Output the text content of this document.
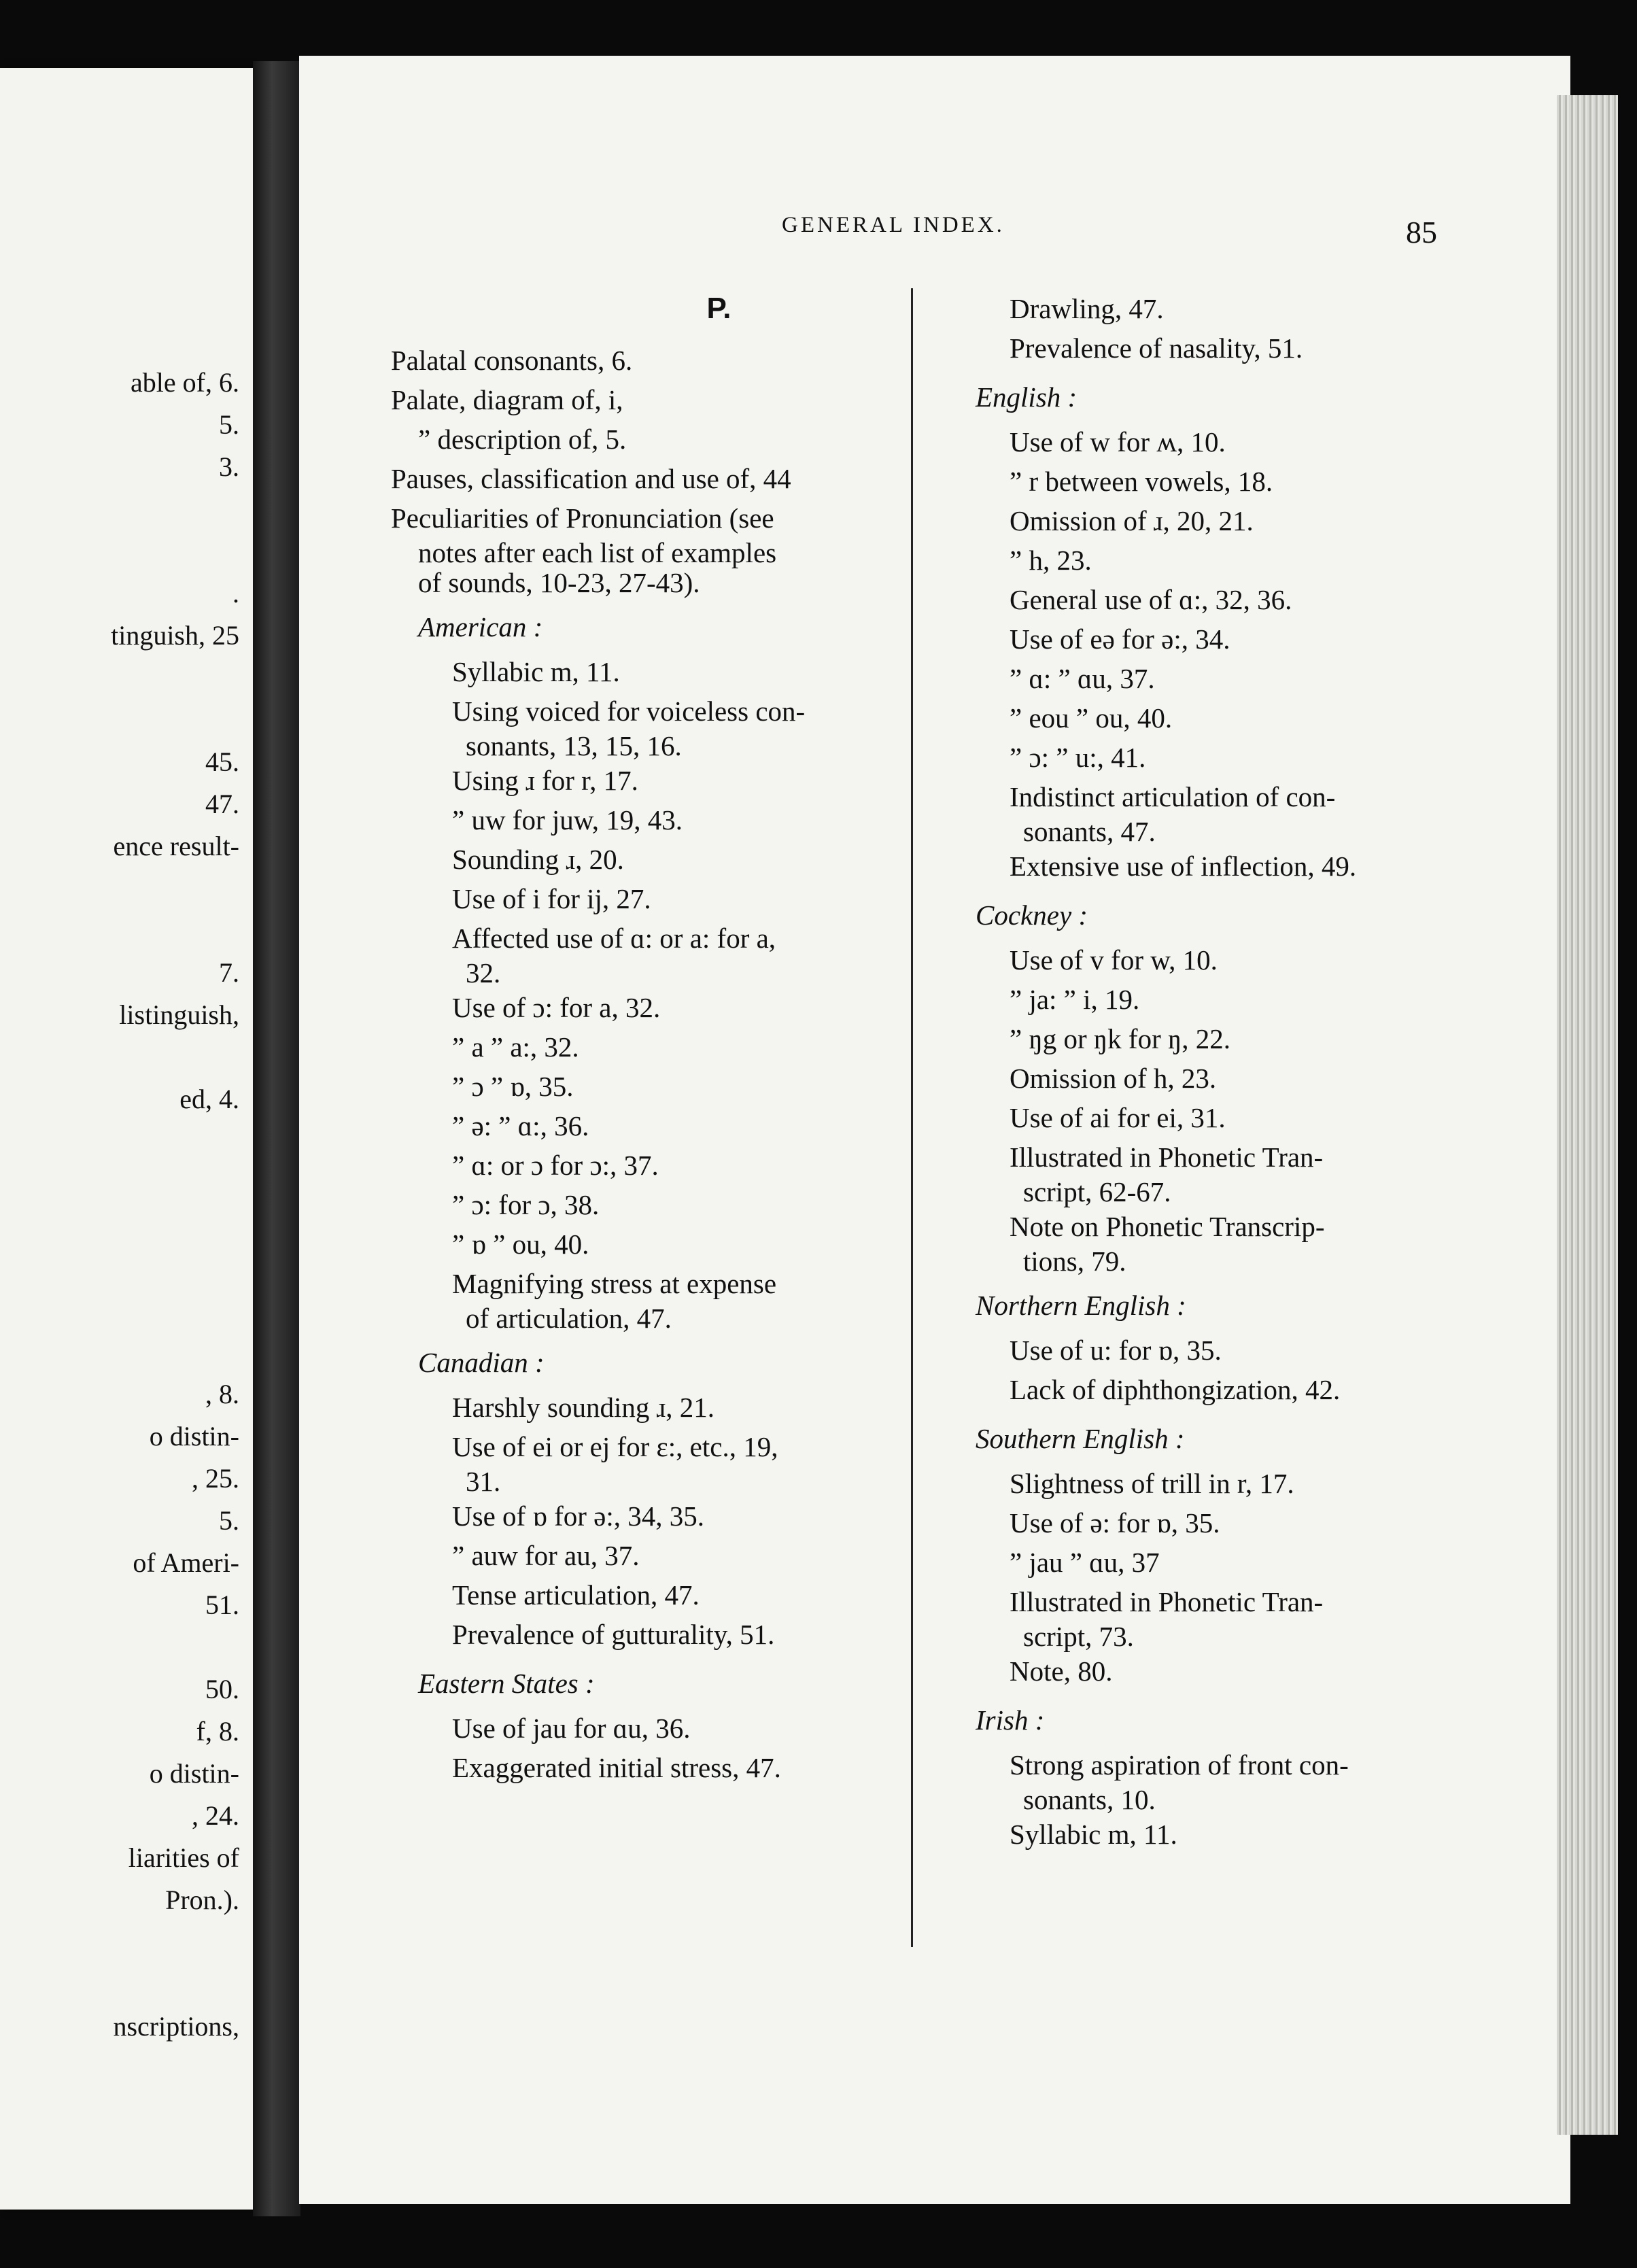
able of, 6.
5.
3.
.
tinguish, 25
45.
47.
ence result-
7.
listinguish,
ed, 4.
, 8.
o distin-
, 25.
5.
of Ameri-
51.
50.
f, 8.
o distin-
, 24.
liarities of
Pron.).
nscriptions,
GENERAL INDEX.	85
P.
Palatal consonants, 6.
Palate, diagram of, i,
” description of, 5.
Pauses, classification and use of, 44
Peculiarities of Pronunciation (see
notes after each list of examples
of sounds, 10-23, 27-43).
American :
Syllabic m, 11.
Using voiced for voiceless con-
sonants, 13, 15, 16.
Using ɹ for r, 17.
” uw for juw, 19, 43.
Sounding ɹ, 20.
Use of i for ij, 27.
Affected use of ɑ: or a: for a,
32.
Use of ɔ: for a, 32.
” a ” a:, 32.
” ɔ ” ɒ, 35.
” ə: ” ɑ:, 36.
” ɑ: or ɔ for ɔ:, 37.
” ɔ: for ɔ, 38.
” ɒ ” ou, 40.
Magnifying stress at expense
of articulation, 47.
Canadian :
Harshly sounding ɹ, 21.
Use of ei or ej for ɛ:, etc., 19,
31.
Use of ɒ for ə:, 34, 35.
” auw for au, 37.
Tense articulation, 47.
Prevalence of gutturality, 51.
Eastern States :
Use of jau for ɑu, 36.
Exaggerated initial stress, 47.
Drawling, 47.
Prevalence of nasality, 51.
English :
Use of w for ʍ, 10.
” r between vowels, 18.
Omission of ɹ, 20, 21.
” h, 23.
General use of ɑ:, 32, 36.
Use of eə for ə:, 34.
” ɑ: ” ɑu, 37.
” eou ” ou, 40.
” ɔ: ” u:, 41.
Indistinct articulation of con-
sonants, 47.
Extensive use of inflection, 49.
Cockney :
Use of v for w, 10.
” ja: ” i, 19.
” ŋg or ŋk for ŋ, 22.
Omission of h, 23.
Use of ai for ei, 31.
Illustrated in Phonetic Tran-
script, 62-67.
Note on Phonetic Transcrip-
tions, 79.
Northern English :
Use of u: for ɒ, 35.
Lack of diphthongization, 42.
Southern English :
Slightness of trill in r, 17.
Use of ə: for ɒ, 35.
” jau ” ɑu, 37
Illustrated in Phonetic Tran-
script, 73.
Note, 80.
Irish :
Strong aspiration of front con-
sonants, 10.
Syllabic m, 11.
